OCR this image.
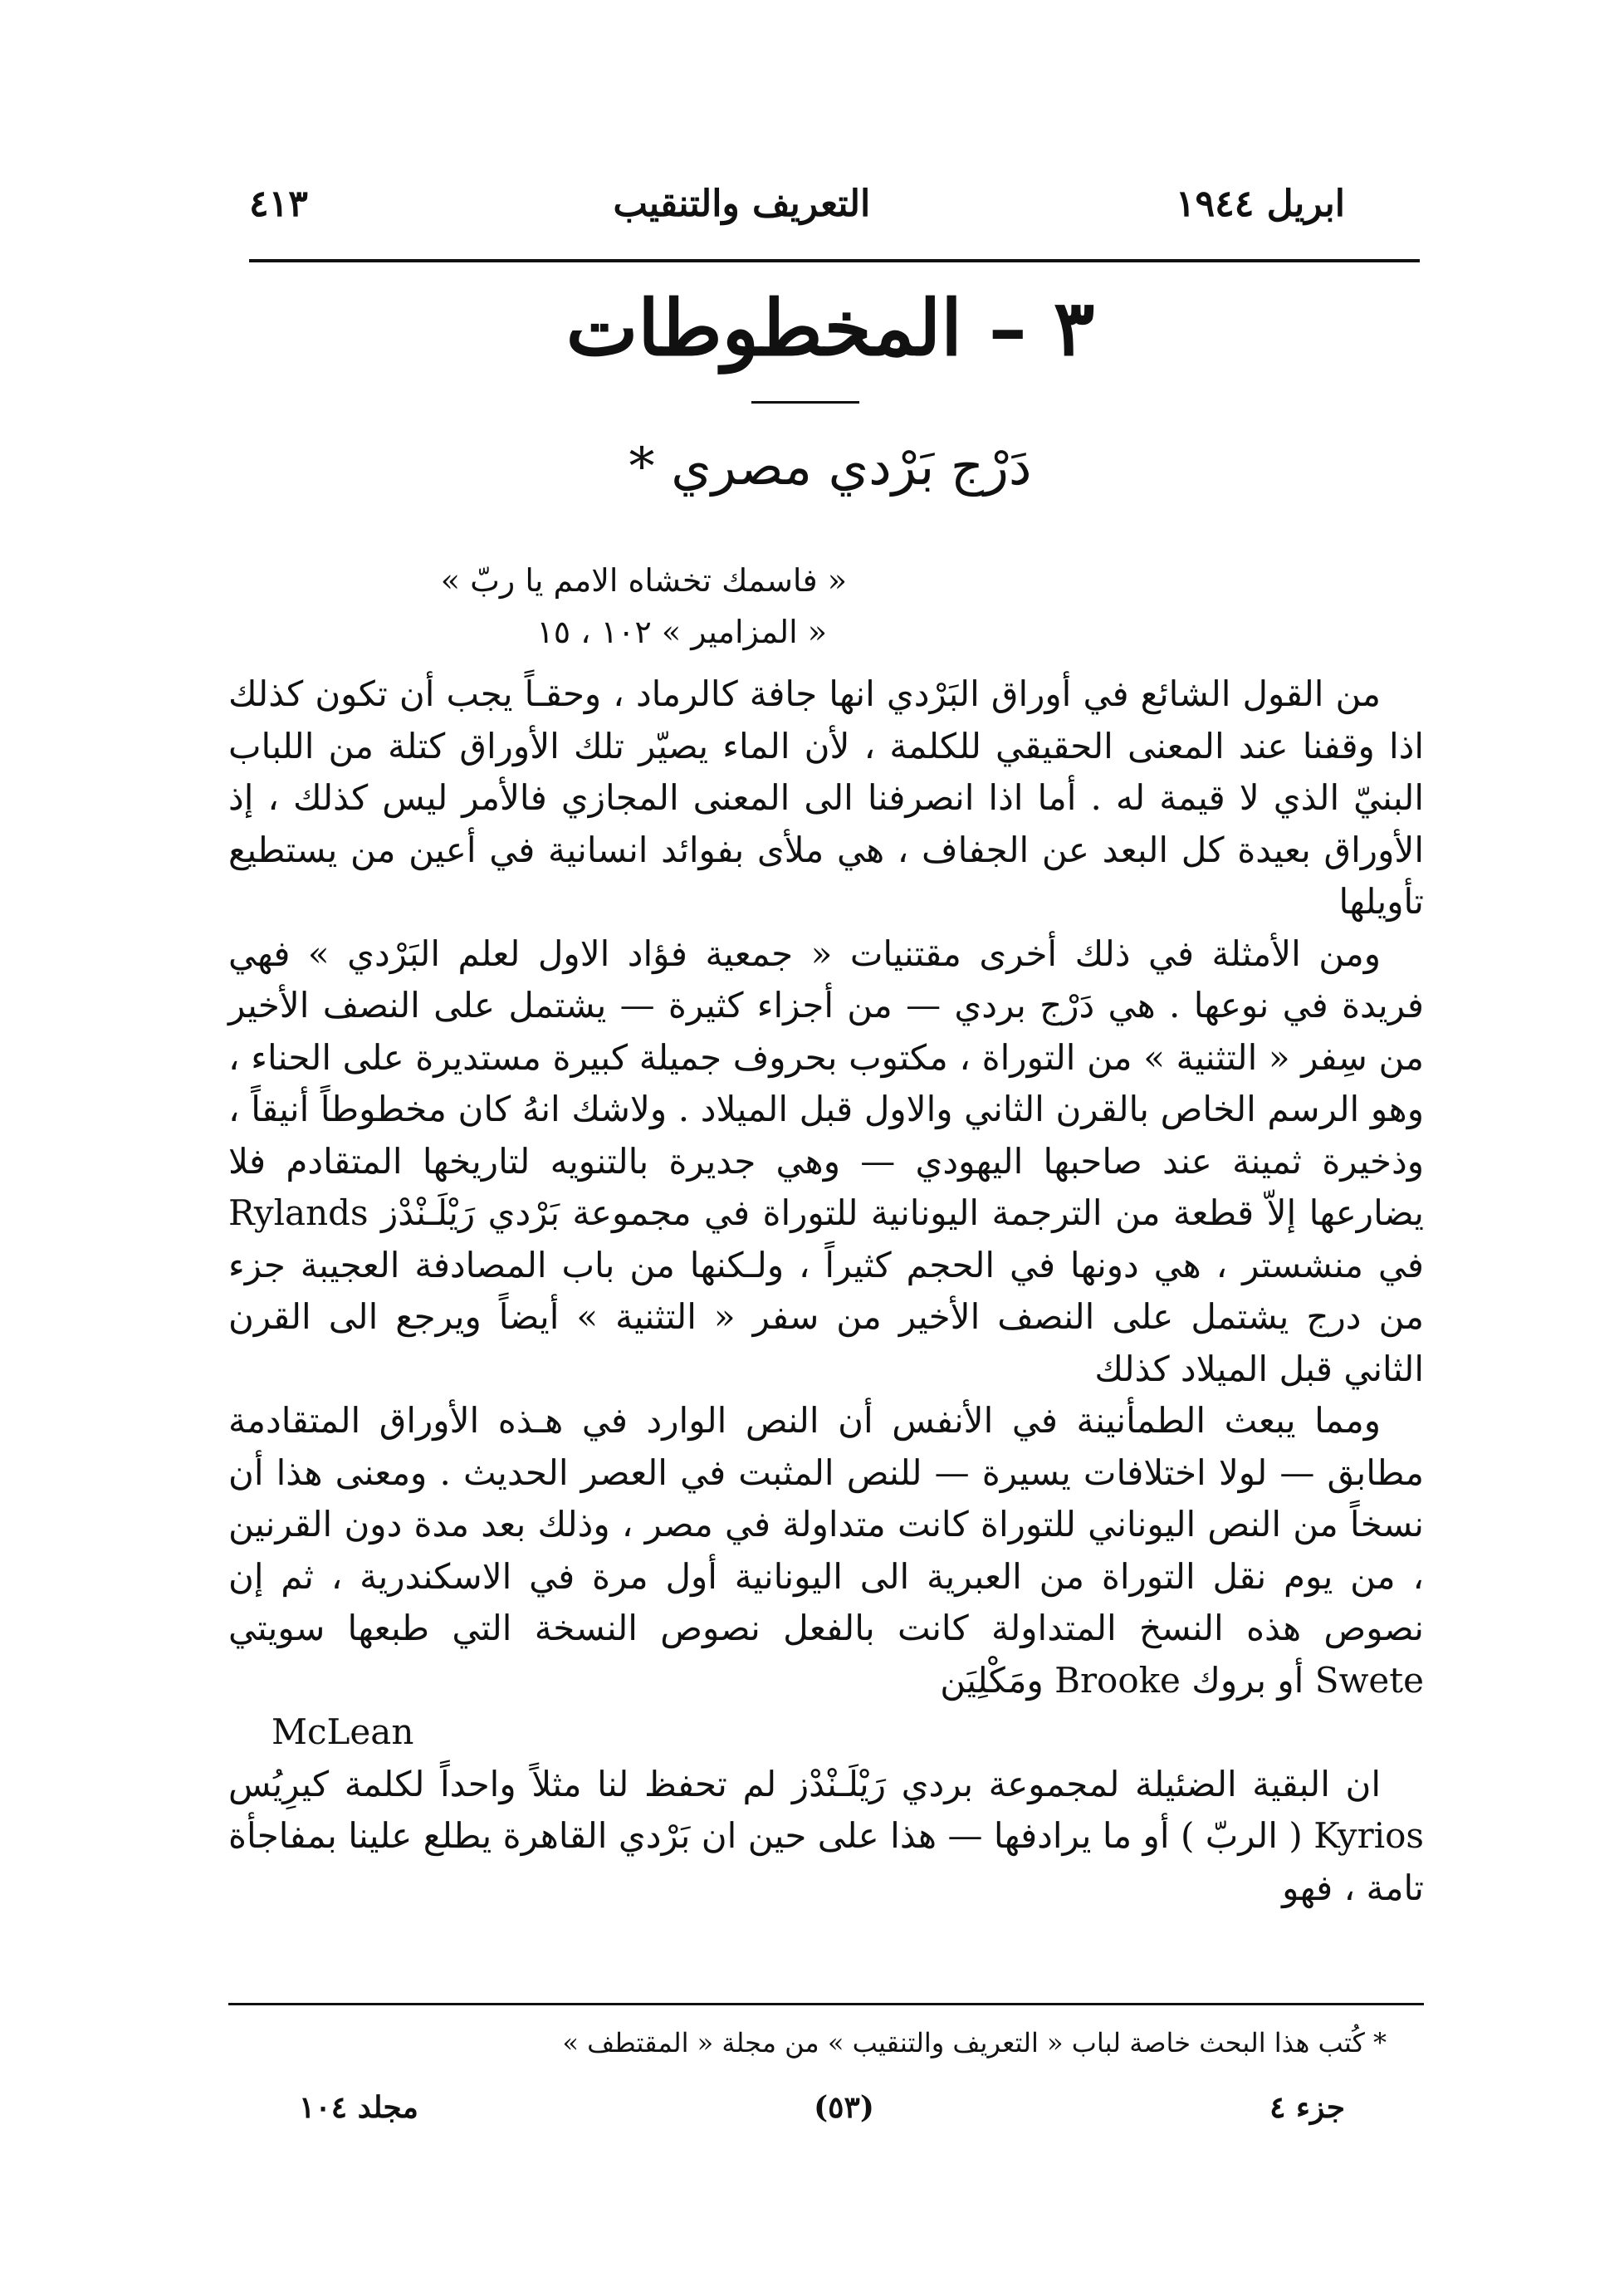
ابريل ١٩٤٤
التعريف والتنقيب
٤١٣
٣ – المخطوطات
دَرْج بَرْدي مصري *
« فاسمك تخشاه الامم يا ربّ »
« المزامير » ١٠٢ ، ١٥

من القول الشائع في أوراق البَرْدي انها جافة كالرماد ، وحقـاً يجب أن تكون كذلك اذا وقفنا عند المعنى الحقيقي للكلمة ، لأن الماء يصيّر تلك الأوراق كتلة من اللباب البنيّ الذي لا قيمة له . أما اذا انصرفنا الى المعنى المجازي فالأمر ليس كذلك ، إذ الأوراق بعيدة كل البعد عن الجفاف ، هي ملأى بفوائد انسانية في أعين من يستطيع تأويلها

ومن الأمثلة في ذلك أخرى مقتنيات « جمعية فؤاد الاول لعلم البَرْدي » فهي فريدة في نوعها . هي دَرْج بردي — من أجزاء كثيرة — يشتمل على النصف الأخير من سِفر « التثنية » من التوراة ، مكتوب بحروف جميلة كبيرة مستديرة على الحناء ، وهو الرسم الخاص بالقرن الثاني والاول قبل الميلاد . ولاشك انهُ كان مخطوطاً أنيقاً ، وذخيرة ثمينة عند صاحبها اليهودي — وهي جديرة بالتنويه لتاريخها المتقادم فلا يضارعها إلاّ قطعة من الترجمة اليونانية للتوراة في مجموعة بَرْدي رَيْلَـنْدْز Rylands في منشستر ، هي دونها في الحجم كثيراً ، ولـكنها من باب المصادفة العجيبة جزء من درج يشتمل على النصف الأخير من سفر « التثنية » أيضاً ويرجع الى القرن الثاني قبل الميلاد كذلك

ومما يبعث الطمأنينة في الأنفس أن النص الوارد في هـذه الأوراق المتقادمة مطابق — لولا اختلافات يسيرة — للنص المثبت في العصر الحديث . ومعنى هذا أن نسخاً من النص اليوناني للتوراة كانت متداولة في مصر ، وذلك بعد مدة دون القرنين ، من يوم نقل التوراة من العبرية الى اليونانية أول مرة في الاسكندرية ، ثم إن نصوص هذه النسخ المتداولة كانت بالفعل نصوص النسخة التي طبعها سويتي Swete أو بروك Brooke ومَكْلِيَن

McLean

ان البقية الضئيلة لمجموعة بردي رَيْلَـنْدْز لم تحفظ لنا مثلاً واحداً لكلمة كيرِيُس Kyrios ( الربّ ) أو ما يرادفها — هذا على حين ان بَرْدي القاهرة يطلع علينا بمفاجأة تامة ، فهو

* كُتب هذا البحث خاصة لباب « التعريف والتنقيب » من مجلة « المقتطف »
جزء ٤
(٥٣)
مجلد ١٠٤
